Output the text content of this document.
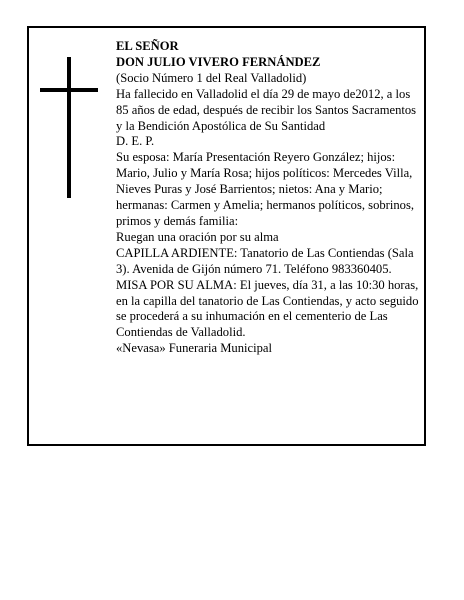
EL SEÑOR

DON JULIO VIVERO FERNÁNDEZ

(Socio Número 1 del Real Valladolid)

Ha fallecido en Valladolid el día 29 de mayo de2012, a los 85 años de edad, después de recibir los Santos Sacramentos y la Bendición Apostólica de Su Santidad

D. E. P.

Su esposa: María Presentación Reyero González; hijos: Mario, Julio y María Rosa; hijos políticos: Mercedes Villa, Nieves Puras y José Barrientos; nietos: Ana y Mario; hermanas: Carmen y Amelia; hermanos políticos, sobrinos, primos y demás familia:

Ruegan una oración por su alma

CAPILLA ARDIENTE: Tanatorio de Las Contiendas (Sala 3). Avenida de Gijón número 71. Teléfono 983360405.

MISA POR SU ALMA: El jueves, día 31, a las 10:30 horas, en la capilla del tanatorio de Las Contiendas, y acto seguido se procederá a su inhumación en el cementerio de Las Contiendas de Valladolid.

«Nevasa» Funeraria Municipal
